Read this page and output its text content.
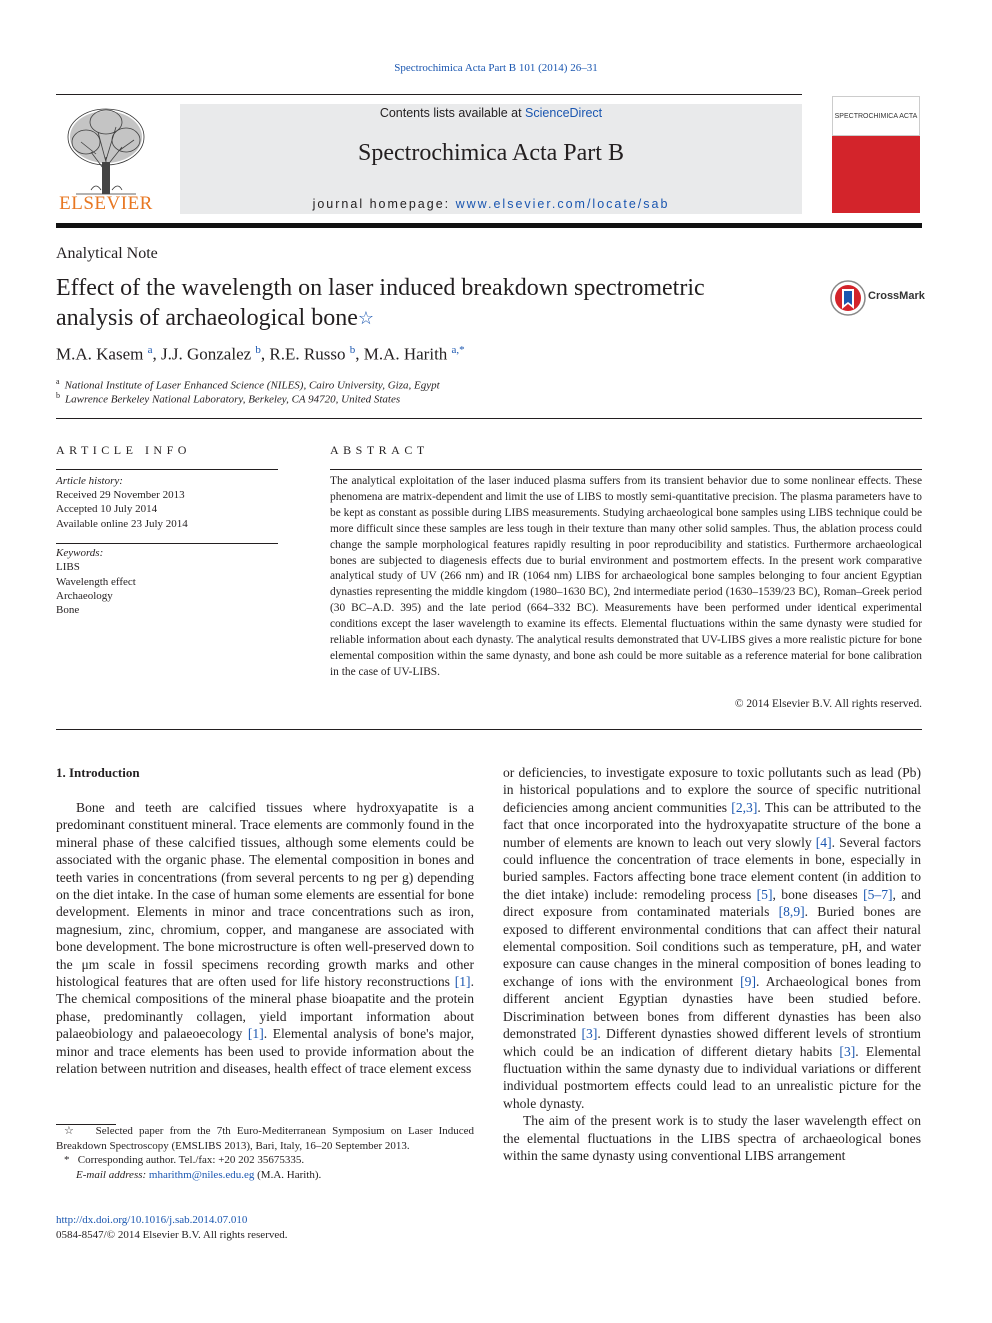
Spectrochimica Acta Part B 101 (2014) 26–31
ELSEVIER
Contents lists available at ScienceDirect
Spectrochimica Acta Part B
journal homepage: www.elsevier.com/locate/sab
SPECTROCHIMICA ACTA
Analytical Note
Effect of the wavelength on laser induced breakdown spectrometric analysis of archaeological bone☆
CrossMark
M.A. Kasem $^a$, J.J. Gonzalez $^b$, R.E. Russo $^b$, M.A. Harith $^{a,*}$
$^a$ National Institute of Laser Enhanced Science (NILES), Cairo University, Giza, Egypt
$^b$ Lawrence Berkeley National Laboratory, Berkeley, CA 94720, United States
ARTICLE INFO	ABSTRACT
Article history:
Received 29 November 2013
Accepted 10 July 2014
Available online 23 July 2014
Keywords:
LIBS
Wavelength effect
Archaeology
Bone
The analytical exploitation of the laser induced plasma suffers from its transient behavior due to some nonlinear effects. These phenomena are matrix-dependent and limit the use of LIBS to mostly semi-quantitative precision. The plasma parameters have to be kept as constant as possible during LIBS measurements. Studying archaeological bone samples using LIBS technique could be more difficult since these samples are less tough in their texture than many other solid samples. Thus, the ablation process could change the sample morphological features rapidly resulting in poor reproducibility and statistics. Furthermore archaeological bones are subjected to diagenesis effects due to burial environment and postmortem effects. In the present work comparative analytical study of UV (266 nm) and IR (1064 nm) LIBS for archaeological bone samples belonging to four ancient Egyptian dynasties representing the middle kingdom (1980–1630 BC), 2nd intermediate period (1630–1539/23 BC), Roman–Greek period (30 BC–A.D. 395) and the late period (664–332 BC). Measurements have been performed under identical experimental conditions except the laser wavelength to examine its effects. Elemental fluctuations within the same dynasty were studied for reliable information about each dynasty. The analytical results demonstrated that UV-LIBS gives a more realistic picture for bone elemental composition within the same dynasty, and bone ash could be more suitable as a reference material for bone calibration in the case of UV-LIBS.
© 2014 Elsevier B.V. All rights reserved.
1. Introduction
Bone and teeth are calcified tissues where hydroxyapatite is a predominant constituent mineral. Trace elements are commonly found in the mineral phase of these calcified tissues, although some elements could be associated with the organic phase. The elemental composition in bones and teeth varies in concentrations (from several percents to ng per g) depending on the diet intake. In the case of human some elements are essential for bone development. Elements in minor and trace concentrations such as iron, magnesium, zinc, chromium, copper, and manganese are associated with bone development. The bone microstructure is often well-preserved down to the μm scale in fossil specimens recording growth marks and other histological features that are often used for life history reconstructions [1]. The chemical compositions of the mineral phase bioapatite and the protein phase, predominantly collagen, yield important information about palaeobiology and palaeoecology [1]. Elemental analysis of bone's major, minor and trace elements has been used to provide information about the relation between nutrition and diseases, health effect of trace element excess
or deficiencies, to investigate exposure to toxic pollutants such as lead (Pb) in historical populations and to explore the source of specific nutritional deficiencies among ancient communities [2,3]. This can be attributed to the fact that once incorporated into the hydroxyapatite structure of the bone a number of elements are known to leach out very slowly [4]. Several factors could influence the concentration of trace elements in bone, especially in buried samples. Factors affecting bone trace element content (in addition to the diet intake) include: remodeling process [5], bone diseases [5–7], and direct exposure from contaminated materials [8,9]. Buried bones are exposed to different environmental conditions that can affect their natural elemental composition. Soil conditions such as temperature, pH, and water exposure can cause changes in the mineral composition of bones leading to exchange of ions with the environment [9]. Archaeological bones from different ancient Egyptian dynasties have been studied before. Discrimination between bones from different dynasties has been also demonstrated [3]. Different dynasties showed different levels of strontium which could be an indication of different dietary habits [3]. Elemental fluctuation within the same dynasty due to individual variations or different individual postmortem effects could lead to an unrealistic picture for the whole dynasty.
The aim of the present work is to study the laser wavelength effect on the elemental fluctuations in the LIBS spectra of archaeological bones within the same dynasty using conventional LIBS arrangement
☆ Selected paper from the 7th Euro-Mediterranean Symposium on Laser Induced Breakdown Spectroscopy (EMSLIBS 2013), Bari, Italy, 16–20 September 2013.
* Corresponding author. Tel./fax: +20 202 35675335.
E-mail address: mharithm@niles.edu.eg (M.A. Harith).
http://dx.doi.org/10.1016/j.sab.2014.07.010
0584-8547/© 2014 Elsevier B.V. All rights reserved.
